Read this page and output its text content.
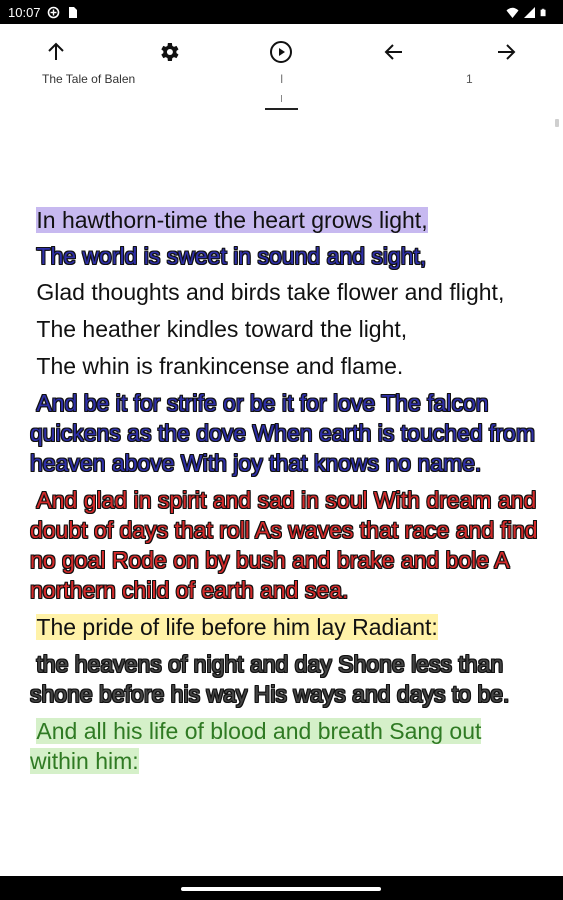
10:07
The Tale of Balen	I	1

In hawthorn-time the heart grows light,

The world is sweet in sound and sight,

Glad thoughts and birds take flower and flight,

The heather kindles toward the light,

The whin is frankincense and flame.

And be it for strife or be it for love The falcon quickens as the dove When earth is touched from heaven above With joy that knows no name.

And glad in spirit and sad in soul With dream and doubt of days that roll As waves that race and find no goal Rode on by bush and brake and bole A northern child of earth and sea.

The pride of life before him lay Radiant:

the heavens of night and day Shone less than shone before his way His ways and days to be.

And all his life of blood and breath Sang out within him:
